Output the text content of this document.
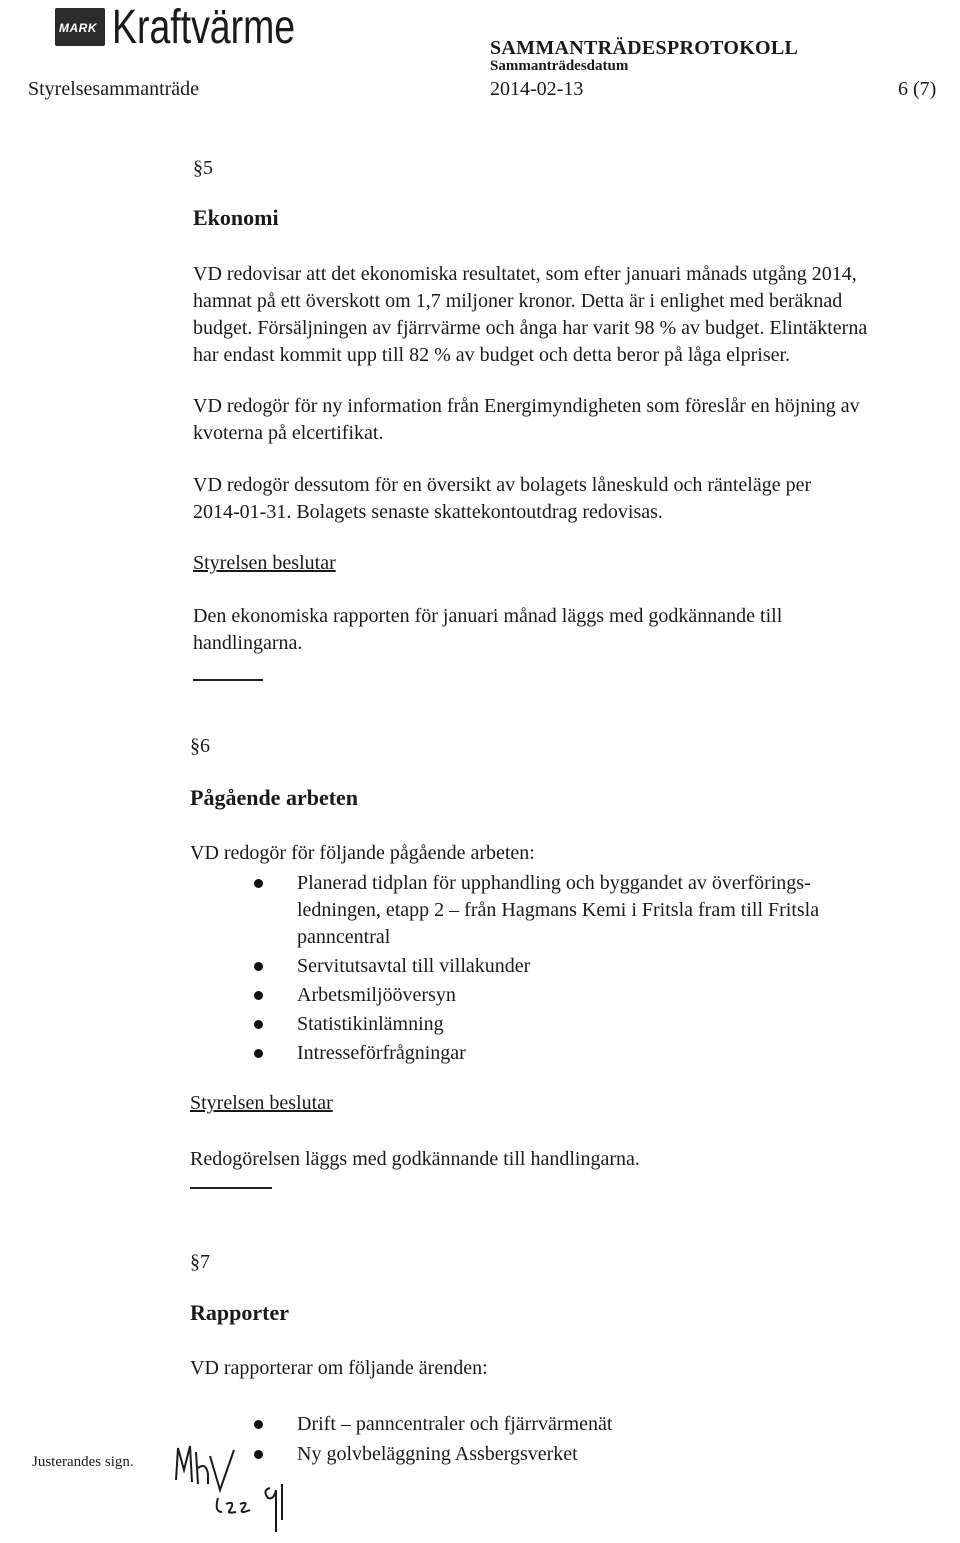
MARK Kraftvärme	SAMMANTRÄDESPROTOKOLL
Sammanträdesdatum
Styrelsesammanträde	2014-02-13	6 (7)
§5
Ekonomi
VD redovisar att det ekonomiska resultatet, som efter januari månads utgång 2014,
hamnat på ett överskott om 1,7 miljoner kronor. Detta är i enlighet med beräknad
budget. Försäljningen av fjärrvärme och ånga har varit 98 % av budget. Elintäkterna
har endast kommit upp till 82 % av budget och detta beror på låga elpriser.
VD redogör för ny information från Energimyndigheten som föreslår en höjning av
kvoterna på elcertifikat.
VD redogör dessutom för en översikt av bolagets låneskuld och ränteläge per
2014-01-31. Bolagets senaste skattekontoutdrag redovisas.
Styrelsen beslutar
Den ekonomiska rapporten för januari månad läggs med godkännande till
handlingarna.
§6
Pågående arbeten
VD redogör för följande pågående arbeten:
Planerad tidplan för upphandling och byggandet av överförings-
ledningen, etapp 2 – från Hagmans Kemi i Fritsla fram till Fritsla
panncentral
Servitutsavtal till villakunder
Arbetsmiljööversyn
Statistikinlämning
Intresseförfrågningar
Styrelsen beslutar
Redogörelsen läggs med godkännande till handlingarna.
§7
Rapporter
VD rapporterar om följande ärenden:
Drift – panncentraler och fjärrvärmenät
Ny golvbeläggning Assbergsverket
Justerandes sign.
